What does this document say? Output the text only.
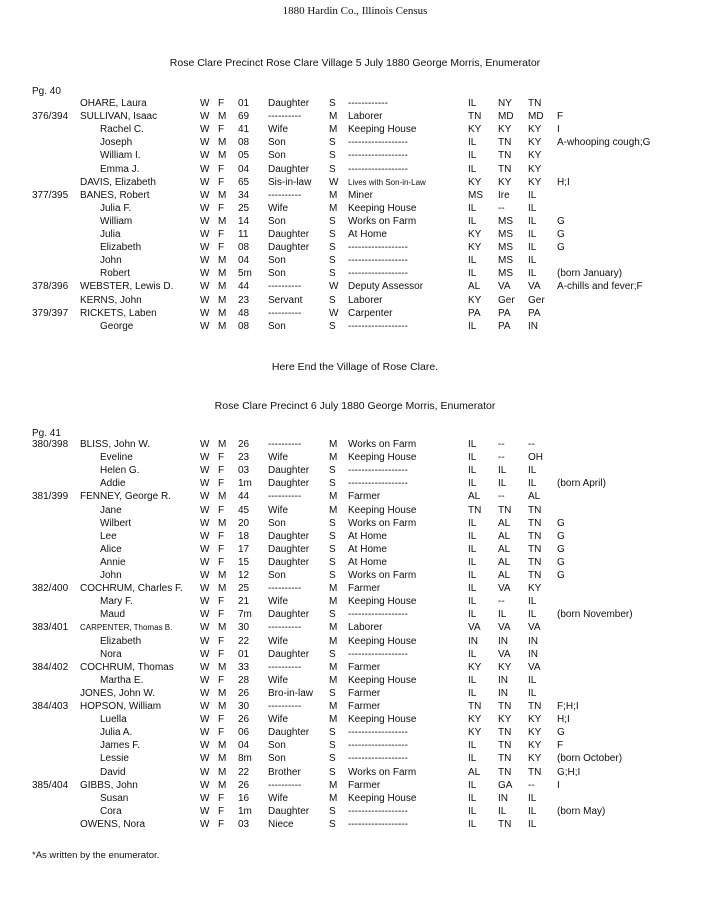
1880 Hardin Co., Illinois Census
Rose Clare Precinct Rose Clare Village 5 July 1880 George Morris, Enumerator
Pg. 40
OHARE, Laura	W F 01 Daughter S ------------	IL NY TN
376/394 SULLIVAN, Isaac	W M 69 ----------	M Laborer	TN MD MD F
Rachel C.	W F 41 Wife	M Keeping House	KY KY KY I
Joseph	W M 08 Son	S ------------------	IL TN KY A-whooping cough;G
William I.	W M 05 Son	S ------------------	IL TN KY
Emma J.	W F 04 Daughter S ------------------	IL TN KY
DAVIS, Elizabeth	W F 65 Sis-in-law W Lives with Son-in-Law	KY KY KY H;I
377/395 BANES, Robert	W M 34 ----------	M Miner	MS Ire IL
Julia F.	W F 25 Wife	M Keeping House	IL -- IL
William	W M 14 Son	S Works on Farm	IL MS IL G
Julia	W F 11 Daughter S At Home	KY MS IL G
Elizabeth	W F 08 Daughter S ------------------	KY MS IL G
John	W M 04 Son	S ------------------	IL MS IL
Robert	W M 5m Son	S ------------------	IL MS IL (born January)
378/396 WEBSTER, Lewis D.	W M 44 ----------	W Deputy Assessor	AL VA VA A-chills and fever;F
KERNS, John	W M 23 Servant	S Laborer	KY Ger Ger
379/397 RICKETS, Laben	W M 48 ----------	W Carpenter	PA PA PA
George	W M 08 Son	S ------------------	IL PA IN
Here End the Village of Rose Clare.
Rose Clare Precinct 6 July 1880 George Morris, Enumerator
Pg. 41
380/398 BLISS, John W.	W M 26 ----------	M Works on Farm	IL -- --
Eveline	W F 23 Wife	M Keeping House	IL -- OH
Helen G.	W F 03 Daughter S ------------------	IL IL IL
Addie	W F 1m Daughter S ------------------	IL IL IL (born April)
381/399 FENNEY, George R.	W M 44 ----------	M Farmer	AL -- AL
Jane	W F 45 Wife	M Keeping House	TN TN TN
Wilbert	W M 20 Son	S Works on Farm	IL AL TN G
Lee	W F 18 Daughter S At Home	IL AL TN G
Alice	W F 17 Daughter S At Home	IL AL TN G
Annie	W F 15 Daughter S At Home	IL AL TN G
John	W M 12 Son	S Works on Farm	IL AL TN G
382/400 COCHRUM, Charles F. W M 25 ----------	M Farmer	IL VA KY
Mary F.	W F 21 Wife	M Keeping House	IL -- IL
Maud	W F 7m Daughter S ------------------	IL IL IL (born November)
383/401 CARPENTER, Thomas B.	W M 30 ----------	M Laborer	VA VA VA
Elizabeth	W F 22 Wife	M Keeping House	IN IN IN
Nora	W F 01 Daughter S ------------------	IL VA IN
384/402 COCHRUM, Thomas	W M 33 ----------	M Farmer	KY KY VA
Martha E.	W F 28 Wife	M Keeping House	IL IN IL
JONES, John W.	W M 26 Bro-in-law S Farmer	IL IN IL
384/403 HOPSON, William	W M 30 ----------	M Farmer	TN TN TN F;H;I
Luella	W F 26 Wife	M Keeping House	KY KY KY H;I
Julia A.	W F 06 Daughter S ------------------	KY TN KY G
James F.	W M 04 Son	S ------------------	IL TN KY F
Lessie	W M 8m Son	S ------------------	IL TN KY (born October)
David	W M 22 Brother	S Works on Farm	AL TN TN G;H;I
385/404 GIBBS, John	W M 26 ----------	M Farmer	IL GA -- I
Susan	W F 16 Wife	M Keeping House	IL IN IL
Cora	W F 1m Daughter S ------------------	IL IL IL (born May)
OWENS, Nora	W F 03 Niece	S ------------------	IL TN IL
*As written by the enumerator.
